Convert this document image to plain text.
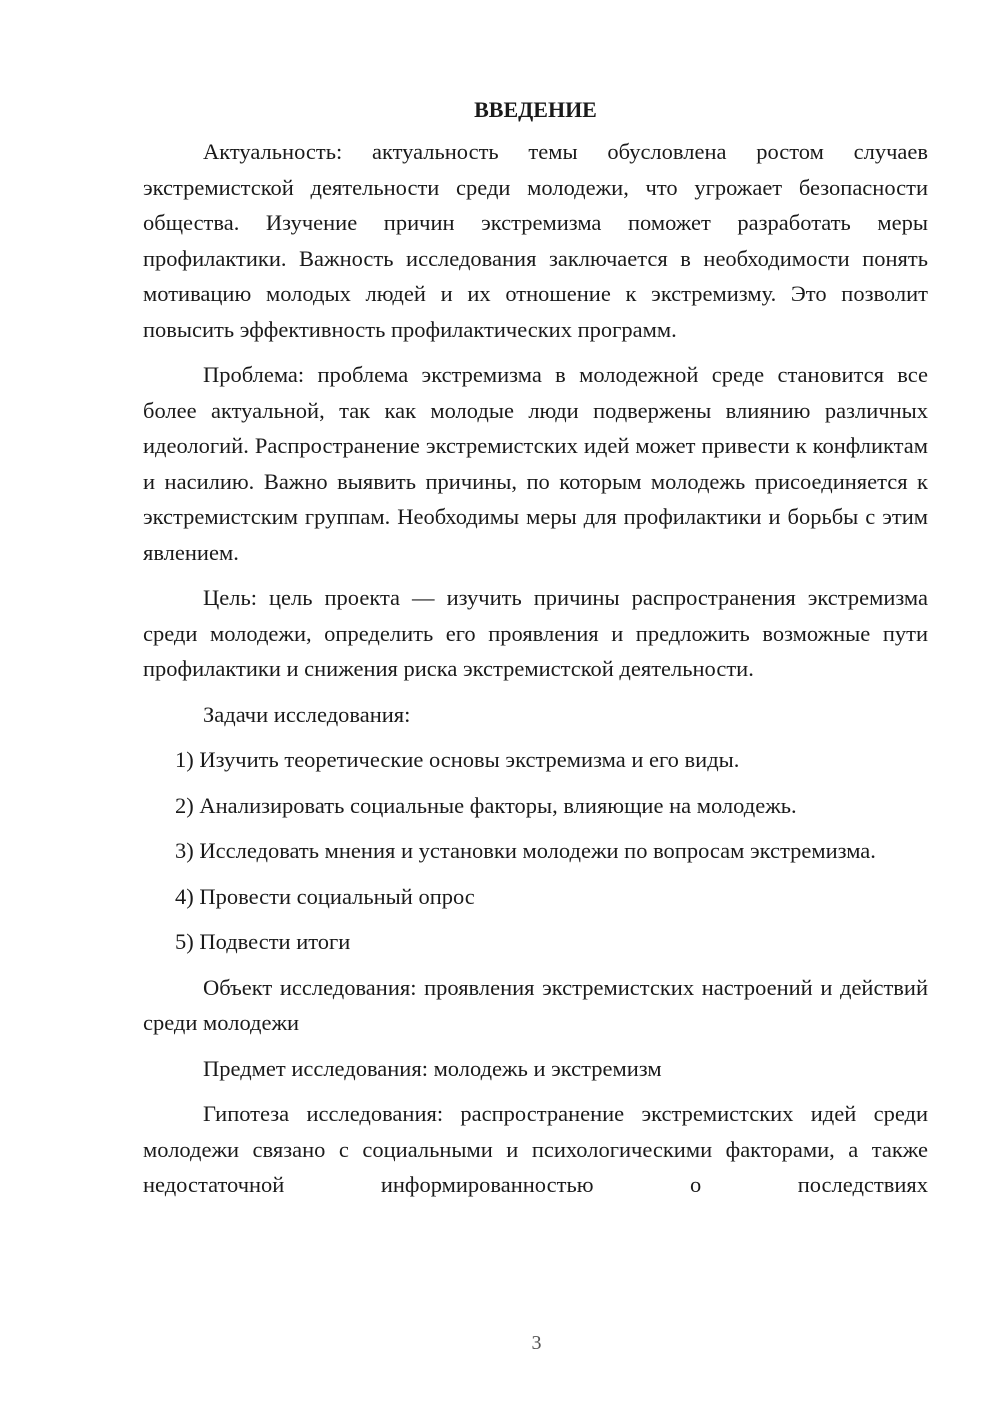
ВВЕДЕНИЕ

Актуальность: актуальность темы обусловлена ростом случаев экстремистской деятельности среди молодежи, что угрожает безопасности общества. Изучение причин экстремизма поможет разработать меры профилактики. Важность исследования заключается в необходимости понять мотивацию молодых людей и их отношение к экстремизму. Это позволит повысить эффективность профилактических программ.

Проблема: проблема экстремизма в молодежной среде становится все более актуальной, так как молодые люди подвержены влиянию различных идеологий. Распространение экстремистских идей может привести к конфликтам и насилию. Важно выявить причины, по которым молодежь присоединяется к экстремистским группам. Необходимы меры для профилактики и борьбы с этим явлением.

Цель: цель проекта — изучить причины распространения экстремизма среди молодежи, определить его проявления и предложить возможные пути профилактики и снижения риска экстремистской деятельности.

Задачи исследования:

1) Изучить теоретические основы экстремизма и его виды.

2) Анализировать социальные факторы, влияющие на молодежь.

3) Исследовать мнения и установки молодежи по вопросам экстремизма.

4) Провести социальный опрос

5) Подвести итоги

Объект исследования: проявления экстремистских настроений и действий среди молодежи

Предмет исследования: молодежь и экстремизм

Гипотеза исследования: распространение экстремистских идей среди молодежи связано с социальными и психологическими факторами, а также недостаточной информированностью о последствиях

3
